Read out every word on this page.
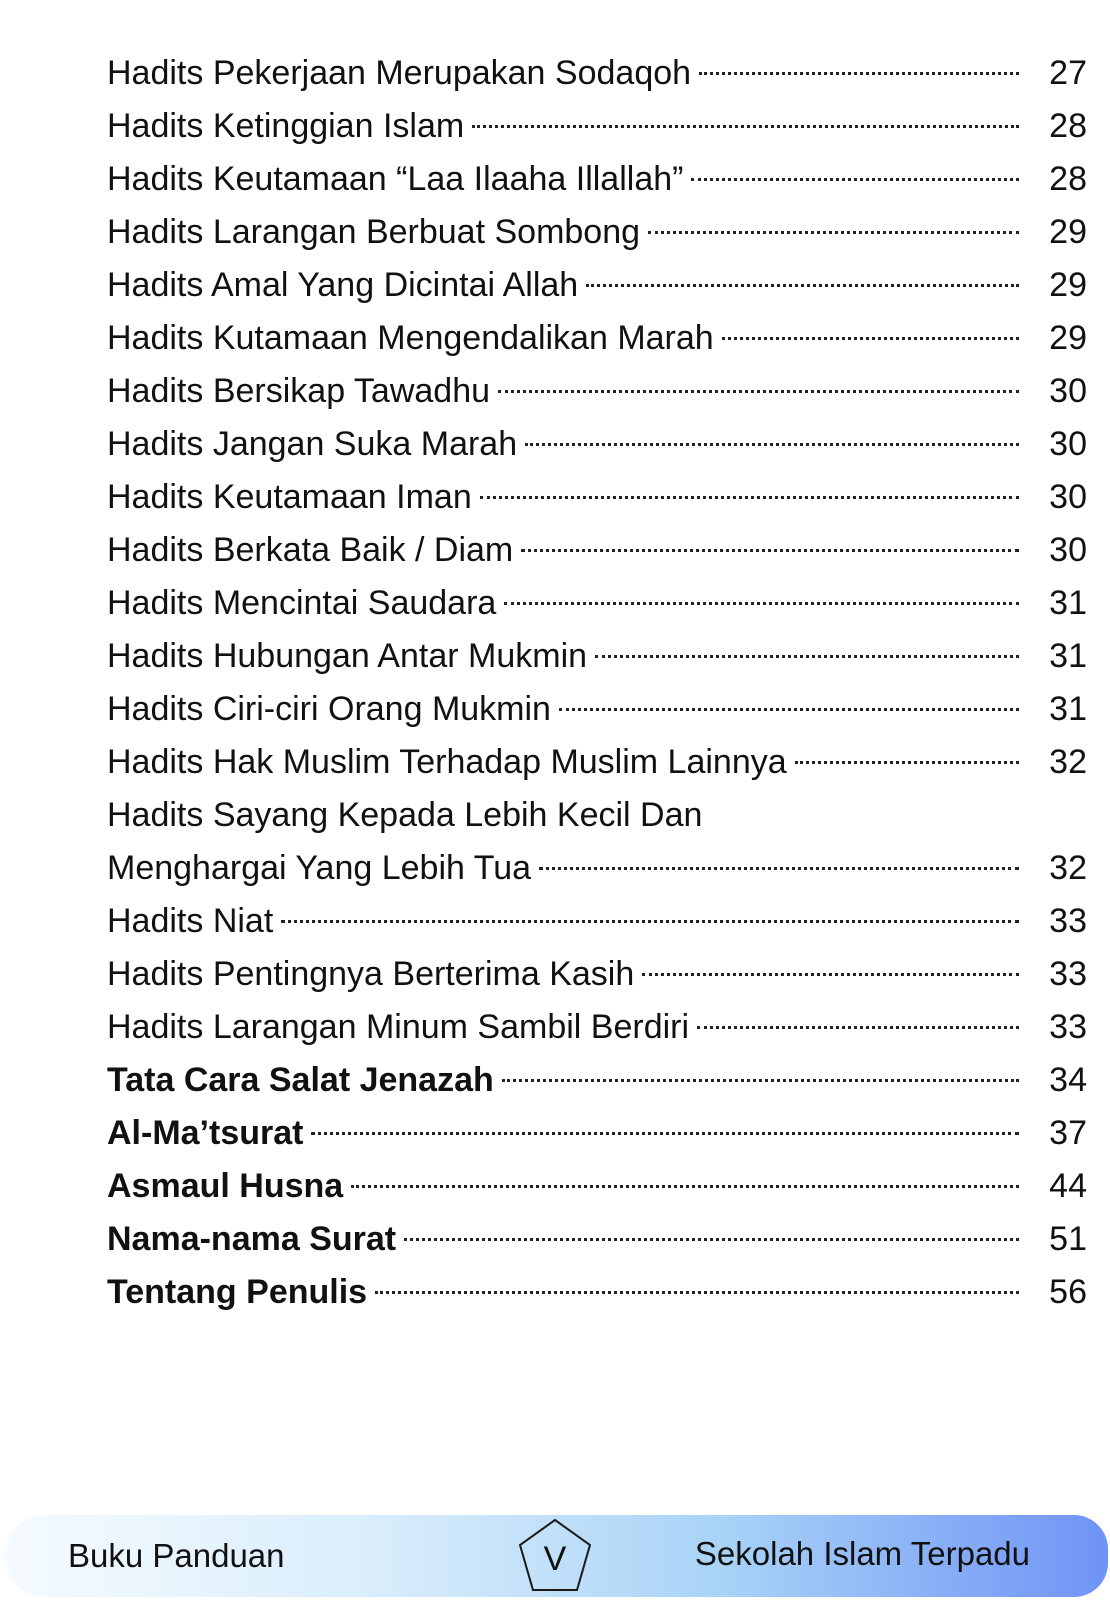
Hadits Pekerjaan Merupakan Sodaqoh	27
Hadits Ketinggian Islam	28
Hadits Keutamaan “Laa Ilaaha Illallah”	28
Hadits Larangan Berbuat Sombong	29
Hadits Amal Yang Dicintai Allah	29
Hadits Kutamaan Mengendalikan Marah	29
Hadits Bersikap Tawadhu	30
Hadits Jangan Suka Marah	30
Hadits Keutamaan Iman	30
Hadits Berkata Baik / Diam	30
Hadits Mencintai Saudara	31
Hadits Hubungan Antar Mukmin	31
Hadits Ciri-ciri Orang Mukmin	31
Hadits Hak Muslim Terhadap Muslim Lainnya	32
Hadits Sayang Kepada Lebih Kecil Dan
Menghargai Yang Lebih Tua	32
Hadits Niat	33
Hadits Pentingnya Berterima Kasih	33
Hadits Larangan Minum Sambil Berdiri	33
Tata Cara Salat Jenazah	34
Al-Ma’tsurat	37
Asmaul Husna	44
Nama-nama Surat	51
Tentang Penulis	56
Buku Panduan	V	Sekolah Islam Terpadu
